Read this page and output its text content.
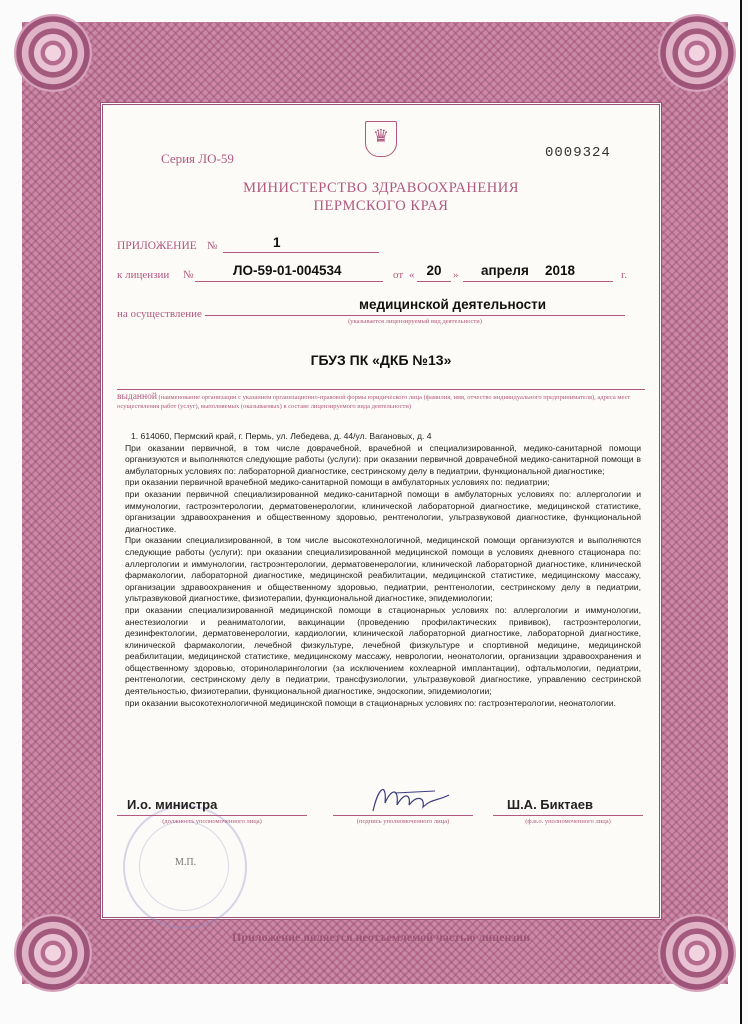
Серия ЛО-59
♛
0009324
МИНИСТЕРСТВО ЗДРАВООХРАНЕНИЯ
ПЕРМСКОГО КРАЯ
ПРИЛОЖЕНИЕ №	1
к лицензии №	ЛО-59-01-004534	от « 20	» апреля 2018	г.
на осуществление
медицинской деятельности
(указывается лицензируемый вид деятельности)
ГБУЗ ПК «ДКБ №13»
выданной (наименование организации с указанием организационно-правовой формы юридического лица (фамилия, имя, отчество индивидуального предпринимателя), адреса мест осуществления работ (услуг), выполняемых (оказываемых) в составе лицензируемого вида деятельности)

1. 614060, Пермский край, г. Пермь, ул. Лебедева, д. 44/ул. Вагановых, д. 4

При оказании первичной, в том числе доврачебной, врачебной и специализированной, медико-санитарной помощи организуются и выполняются следующие работы (услуги): при оказании первичной доврачебной медико-санитарной помощи в амбулаторных условиях по: лабораторной диагностике, сестринскому делу в педиатрии, функциональной диагностике;

при оказании первичной врачебной медико-санитарной помощи в амбулаторных условиях по: педиатрии;

при оказании первичной специализированной медико-санитарной помощи в амбулаторных условиях по: аллергологии и иммунологии, гастроэнтерологии, дерматовенерологии, клинической лабораторной диагностике, медицинской статистике, организации здравоохранения и общественному здоровью, рентгенологии, ультразвуковой диагностике, функциональной диагностике.

При оказании специализированной, в том числе высокотехнологичной, медицинской помощи организуются и выполняются следующие работы (услуги): при оказании специализированной медицинской помощи в условиях дневного стационара по: аллергологии и иммунологии, гастроэнтерологии, дерматовенерологии, клинической лабораторной диагностике, клинической фармакологии, лабораторной диагностике, медицинской реабилитации, медицинской статистике, медицинскому массажу, организации здравоохранения и общественному здоровью, педиатрии, рентгенологии, сестринскому делу в педиатрии, ультразвуковой диагностике, физиотерапии, функциональной диагностике, эпидемиологии;

при оказании специализированной медицинской помощи в стационарных условиях по: аллергологии и иммунологии, анестезиологии и реаниматологии, вакцинации (проведению профилактических прививок), гастроэнтерологии, дезинфектологии, дерматовенерологии, кардиологии, клинической лабораторной диагностике, лабораторной диагностике, клинической фармакологии, лечебной физкультуре, лечебной физкультуре и спортивной медицине, медицинской реабилитации, медицинской статистике, медицинскому массажу, неврологии, неонатологии, организации здравоохранения и общественному здоровью, оториноларингологии (за исключением кохлеарной имплантации), офтальмологии, педиатрии, рентгенологии, сестринскому делу в педиатрии, трансфузиологии, ультразвуковой диагностике, управлению сестринской деятельностью, физиотерапии, функциональной диагностике, эндоскопии, эпидемиологии;

при оказании высокотехнологичной медицинской помощи в стационарных условиях по: гастроэнтерологии, неонатологии.

М.П.
И.о. министра
(должность уполномоченного лица)	(подпись уполномоченного лица)
Ш.А. Биктаев
(ф.и.о. уполномоченного лица)
Приложение является неотъемлемой частью лицензии
